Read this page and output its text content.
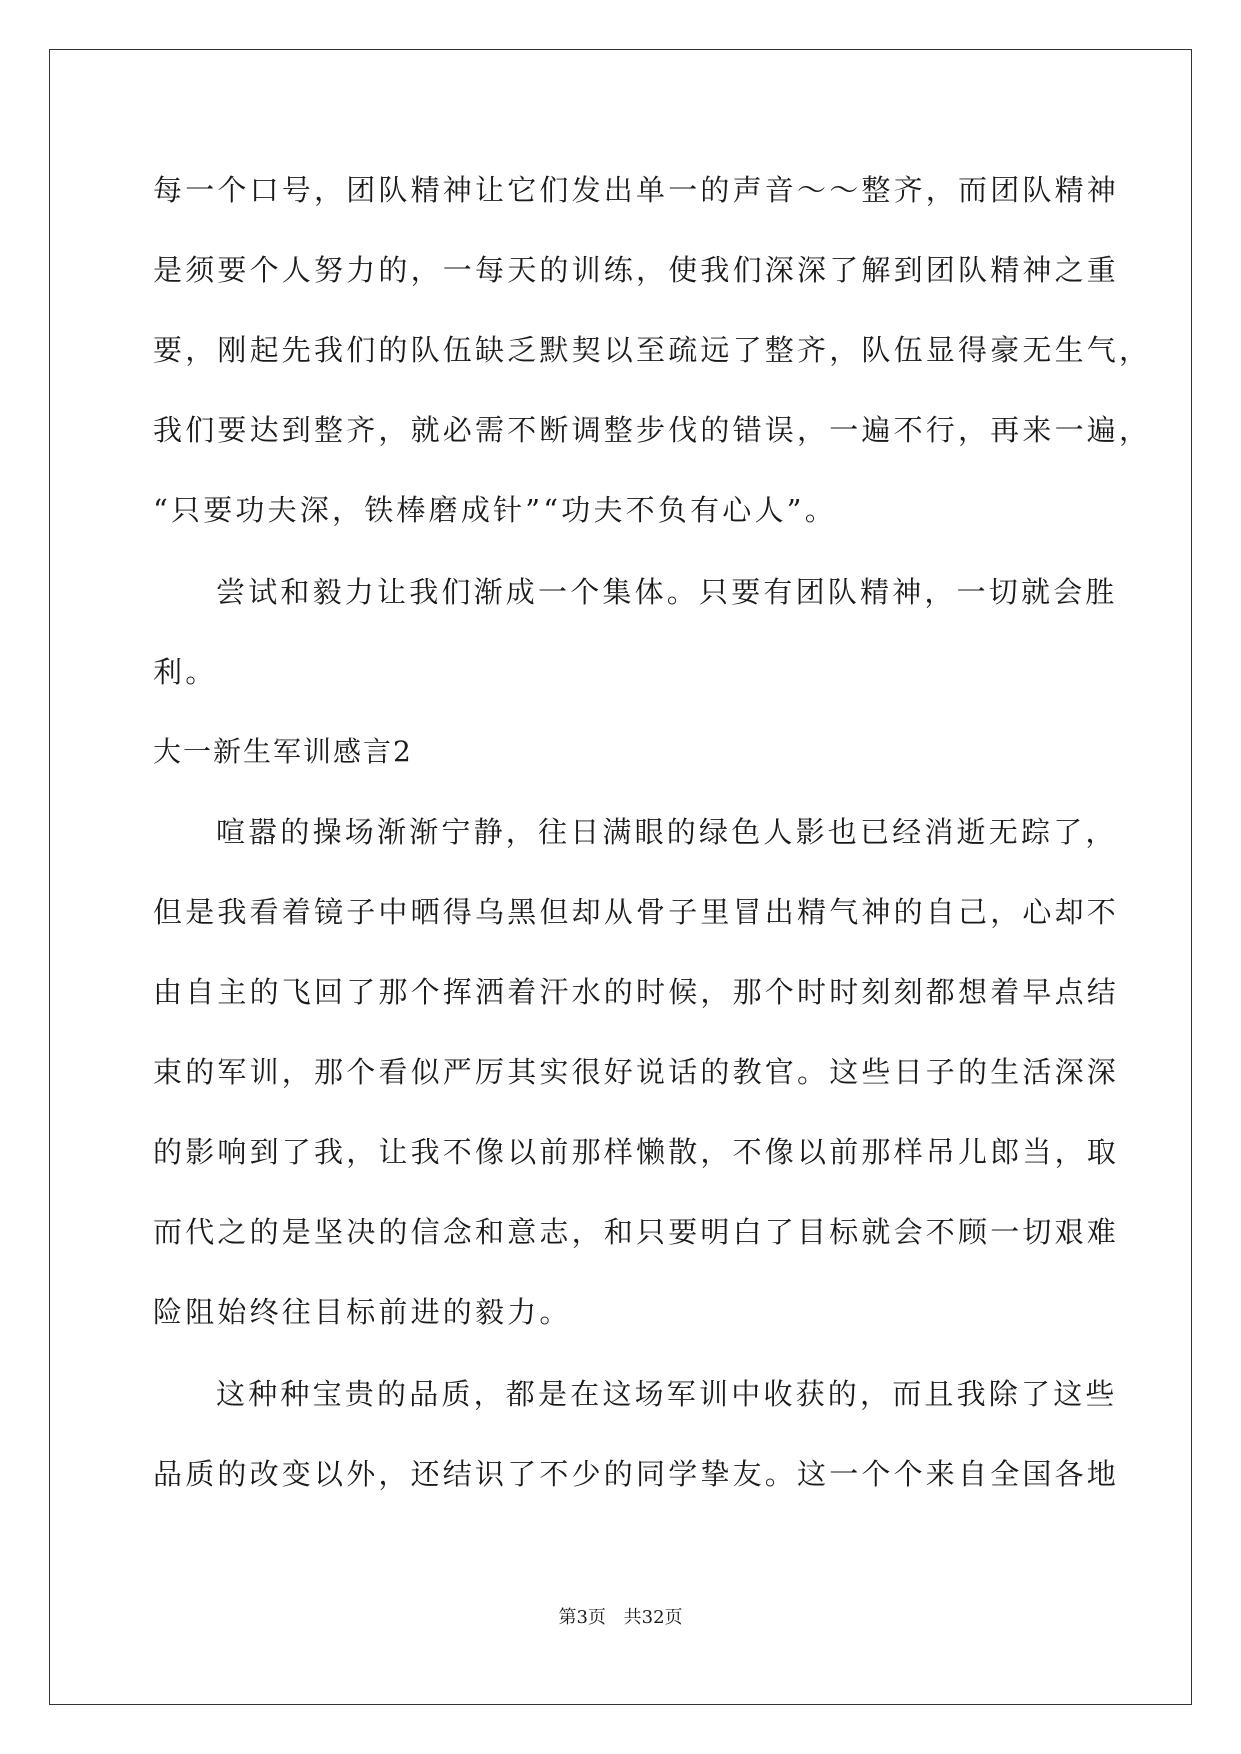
每一个口号，团队精神让它们发出单一的声音～～整齐，而团队精神
是须要个人努力的，一每天的训练，使我们深深了解到团队精神之重
要，刚起先我们的队伍缺乏默契以至疏远了整齐，队伍显得豪无生气，
我们要达到整齐，就必需不断调整步伐的错误，一遍不行，再来一遍，
“只要功夫深，铁棒磨成针”“功夫不负有心人”。
尝试和毅力让我们渐成一个集体。只要有团队精神，一切就会胜
利。
大一新生军训感言2
喧嚣的操场渐渐宁静，往日满眼的绿色人影也已经消逝无踪了，
但是我看着镜子中晒得乌黑但却从骨子里冒出精气神的自己，心却不
由自主的飞回了那个挥洒着汗水的时候，那个时时刻刻都想着早点结
束的军训，那个看似严厉其实很好说话的教官。这些日子的生活深深
的影响到了我，让我不像以前那样懒散，不像以前那样吊儿郎当，取
而代之的是坚决的信念和意志，和只要明白了目标就会不顾一切艰难
险阻始终往目标前进的毅力。
这种种宝贵的品质，都是在这场军训中收获的，而且我除了这些
品质的改变以外，还结识了不少的同学挚友。这一个个来自全国各地
第3页 共32页
